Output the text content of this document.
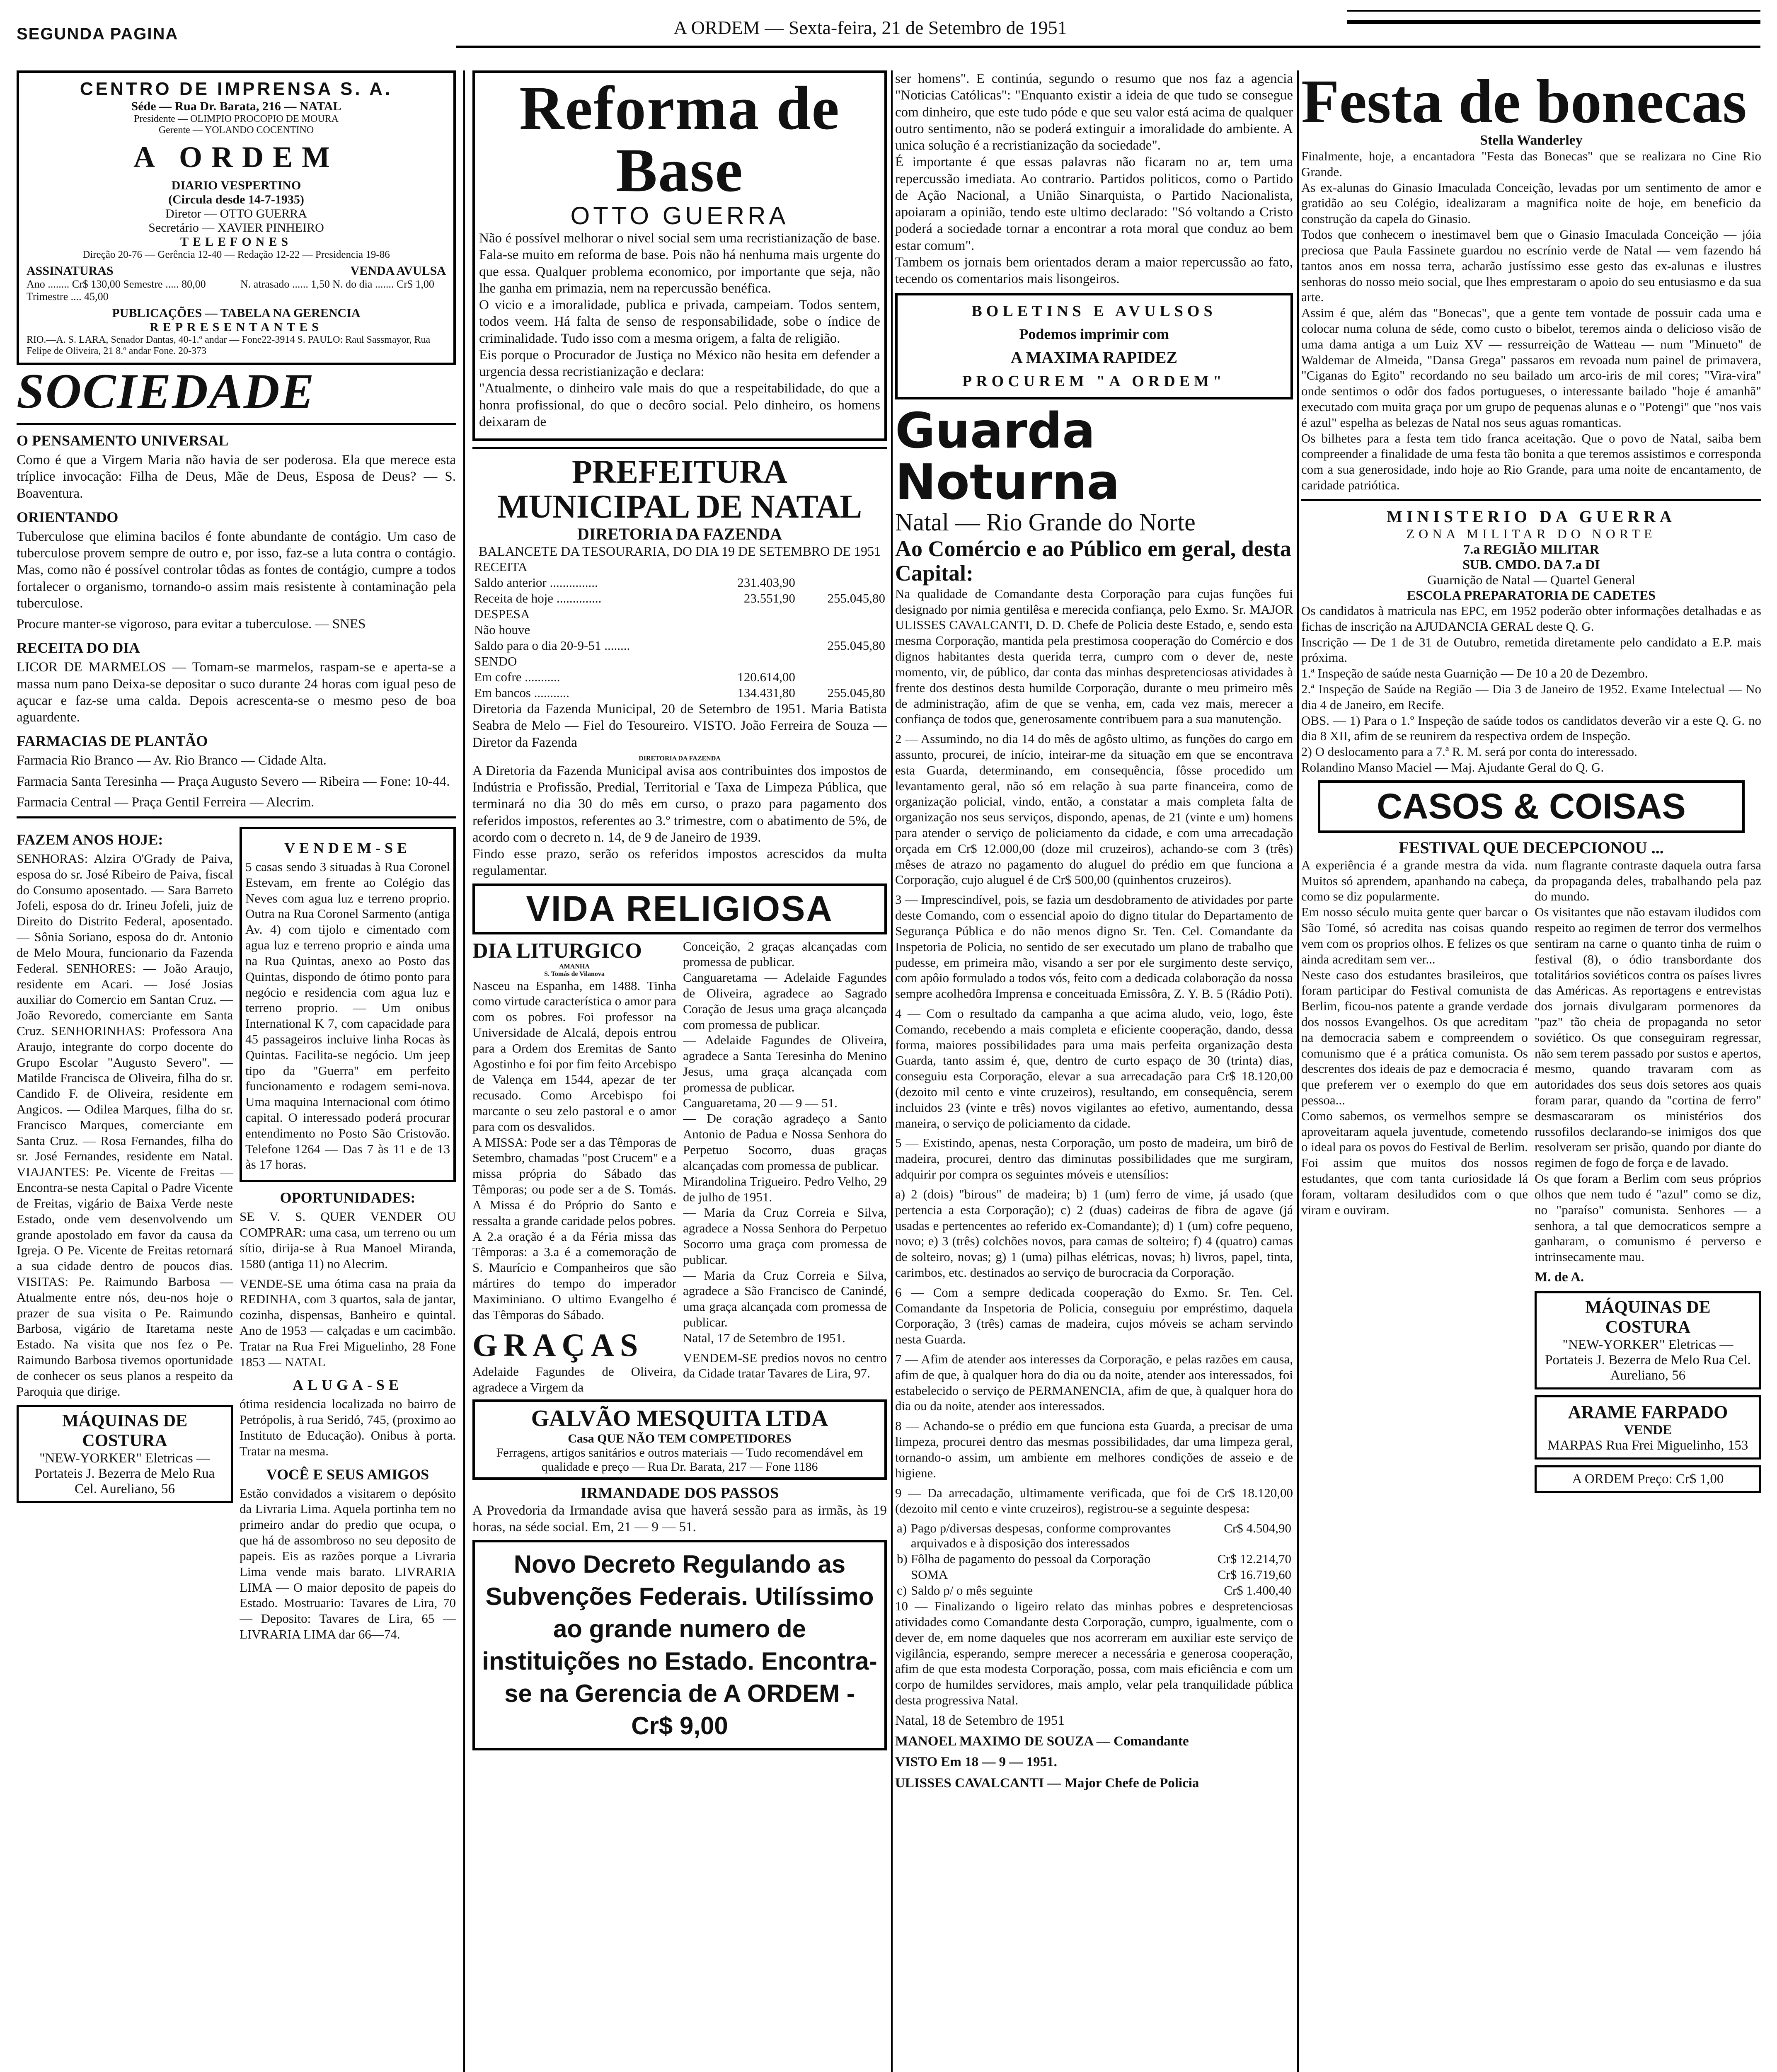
SEGUNDA PAGINA	A ORDEM — Sexta-feira, 21 de Setembro de 1951
CENTRO DE IMPRENSA S. A.
Séde — Rua Dr. Barata, 216 — NATAL
Presidente — OLIMPIO PROCOPIO DE MOURA
Gerente — YOLANDO COCENTINO
A ORDEM
DIARIO VESPERTINO
(Circula desde 14-7-1935)
Diretor — OTTO GUERRA
Secretário — XAVIER PINHEIRO
TELEFONES
Direção 20-76 — Gerência 12-40 — Redação 12-22 — Presidencia 19-86
ASSINATURAS	VENDA AVULSA
Ano ........ Cr$ 130,00 Semestre ..... 80,00 Trimestre .... 45,00
N. atrasado ...... 1,50 N. do dia ....... Cr$ 1,00
PUBLICAÇÕES — TABELA NA GERENCIA
REPRESENTANTES
RIO.—A. S. LARA, Senador Dantas, 40-1.º andar — Fone22-3914 S. PAULO: Raul Sassmayor, Rua Felipe de Oliveira, 21 8.º andar Fone. 20-373
SOCIEDADE
O PENSAMENTO UNIVERSAL

Como é que a Virgem Maria não havia de ser poderosa. Ela que merece esta tríplice invocação: Filha de Deus, Mãe de Deus, Esposa de Deus? — S. Boaventura.

ORIENTANDO

Tuberculose que elimina bacilos é fonte abundante de contágio. Um caso de tuberculose provem sempre de outro e, por isso, faz-se a luta contra o contágio. Mas, como não é possível controlar tôdas as fontes de contágio, cumpre a todos fortalecer o organismo, tornando-o assim mais resistente à contaminação pela tuberculose.

Procure manter-se vigoroso, para evitar a tuberculose. — SNES

RECEITA DO DIA

LICOR DE MARMELOS — Tomam-se marmelos, raspam-se e aperta-se a massa num pano Deixa-se depositar o suco durante 24 horas com igual peso de açucar e faz-se uma calda. Depois acrescenta-se o mesmo peso de boa aguardente.

FARMACIAS DE PLANTÃO

Farmacia Rio Branco — Av. Rio Branco — Cidade Alta.

Farmacia Santa Teresinha — Praça Augusto Severo — Ribeira — Fone: 10-44.

Farmacia Central — Praça Gentil Ferreira — Alecrim.

FAZEM ANOS HOJE:

SENHORAS: Alzira O'Grady de Paiva, esposa do sr. José Ribeiro de Paiva, fiscal do Consumo aposentado. — Sara Barreto Jofeli, esposa do dr. Irineu Jofeli, juiz de Direito do Distrito Federal, aposentado. — Sônia Soriano, esposa do dr. Antonio de Melo Moura, funcionario da Fazenda Federal. SENHORES: — João Araujo, residente em Acari. — José Josias auxiliar do Comercio em Santan Cruz. — João Revoredo, comerciante em Santa Cruz. SENHORINHAS: Professora Ana Araujo, integrante do corpo docente do Grupo Escolar "Augusto Severo". — Matilde Francisca de Oliveira, filha do sr. Candido F. de Oliveira, residente em Angicos. — Odilea Marques, filha do sr. Francisco Marques, comerciante em Santa Cruz. — Rosa Fernandes, filha do sr. José Fernandes, residente em Natal. VIAJANTES: Pe. Vicente de Freitas — Encontra-se nesta Capital o Padre Vicente de Freitas, vigário de Baixa Verde neste Estado, onde vem desenvolvendo um grande apostolado em favor da causa da Igreja. O Pe. Vicente de Freitas retornará a sua cidade dentro de poucos dias. VISITAS: Pe. Raimundo Barbosa — Atualmente entre nós, deu-nos hoje o prazer de sua visita o Pe. Raimundo Barbosa, vigário de Itaretama neste Estado. Na visita que nos fez o Pe. Raimundo Barbosa tivemos oportunidade de conhecer os seus planos a respeito da Paroquia que dirige.

MÁQUINAS DE COSTURA
"NEW-YORKER" Eletricas — Portateis J. Bezerra de Melo Rua Cel. Aureliano, 56
VENDEM-SE

5 casas sendo 3 situadas à Rua Coronel Estevam, em frente ao Colégio das Neves com agua luz e terreno proprio. Outra na Rua Coronel Sarmento (antiga Av. 4) com tijolo e cimentado com agua luz e terreno proprio e ainda uma na Rua Quintas, anexo ao Posto das Quintas, dispondo de ótimo ponto para negócio e residencia com agua luz e terreno proprio. — Um onibus International K 7, com capacidade para 45 passageiros incluive linha Rocas às Quintas. Facilita-se negócio. Um jeep tipo da "Guerra" em perfeito funcionamento e rodagem semi-nova. Uma maquina Internacional com ótimo capital. O interessado poderá procurar entendimento no Posto São Cristovão. Telefone 1264 — Das 7 às 11 e de 13 às 17 horas.

OPORTUNIDADES:

SE V. S. QUER VENDER OU COMPRAR: uma casa, um terreno ou um sítio, dirija-se à Rua Manoel Miranda, 1580 (antiga 11) no Alecrim.

VENDE-SE uma ótima casa na praia da REDINHA, com 3 quartos, sala de jantar, cozinha, dispensas, Banheiro e quintal. Ano de 1953 — calçadas e um cacimbão. Tratar na Rua Frei Miguelinho, 28 Fone 1853 — NATAL

ALUGA-SE

ótima residencia localizada no bairro de Petrópolis, à rua Seridó, 745, (proximo ao Instituto de Educação). Onibus à porta. Tratar na mesma.

VOCÊ E SEUS AMIGOS

Estão convidados a visitarem o depósito da Livraria Lima. Aquela portinha tem no primeiro andar do predio que ocupa, o que há de assombroso no seu deposito de papeis. Eis as razões porque a Livraria Lima vende mais barato. LIVRARIA LIMA — O maior deposito de papeis do Estado. Mostruario: Tavares de Lira, 70 — Deposito: Tavares de Lira, 65 — LIVRARIA LIMA dar 66—74.

Reforma de Base
OTTO GUERRA

Não é possível melhorar o nivel social sem uma recristianização de base. Fala-se muito em reforma de base. Pois não há nenhuma mais urgente do que essa. Qualquer problema economico, por importante que seja, não lhe ganha em primazia, nem na repercussão benéfica.
O vicio e a imoralidade, publica e privada, campeiam. Todos sentem, todos veem. Há falta de senso de responsabilidade, sobe o índice de criminalidade. Tudo isso com a mesma origem, a falta de religião.
Eis porque o Procurador de Justiça no México não hesita em defender a urgencia dessa recristianização e declara:
"Atualmente, o dinheiro vale mais do que a respeitabilidade, do que a honra profissional, do que o decôro social. Pelo dinheiro, os homens deixaram de

PREFEITURA MUNICIPAL DE NATAL
DIRETORIA DA FAZENDA
BALANCETE DA TESOURARIA, DO DIA 19 DE SETEMBRO DE 1951
RECEITA		
Saldo anterior ...............	231.403,90	
Receita de hoje ..............	23.551,90	255.045,80
DESPESA		
Não houve		
Saldo para o dia 20-9-51 ........		255.045,80
SENDO		
Em cofre ...........	120.614,00	
Em bancos ...........	134.431,80	255.045,80

Diretoria da Fazenda Municipal, 20 de Setembro de 1951. Maria Batista Seabra de Melo — Fiel do Tesoureiro. VISTO. João Ferreira de Souza — Diretor da Fazenda

DIRETORIA DA FAZENDA

A Diretoria da Fazenda Municipal avisa aos contribuintes dos impostos de Indústria e Profissão, Predial, Territorial e Taxa de Limpeza Pública, que terminará no dia 30 do mês em curso, o prazo para pagamento dos referidos impostos, referentes ao 3.º trimestre, com o abatimento de 5%, de acordo com o decreto n. 14, de 9 de Janeiro de 1939.
Findo esse prazo, serão os referidos impostos acrescidos da multa regulamentar.

VIDA RELIGIOSA
DIA LITURGICO
AMANHA
S. Tomás de Vilanova

Nasceu na Espanha, em 1488. Tinha como virtude característica o amor para com os pobres. Foi professor na Universidade de Alcalá, depois entrou para a Ordem dos Eremitas de Santo Agostinho e foi por fim feito Arcebispo de Valença em 1544, apezar de ter recusado. Como Arcebispo foi marcante o seu zelo pastoral e o amor para com os desvalidos.
A MISSA: Pode ser a das Têmporas de Setembro, chamadas "post Crucem" e a missa própria do Sábado das Têmporas; ou pode ser a de S. Tomás. A Missa é do Próprio do Santo e ressalta a grande caridade pelos pobres.
A 2.a oração é a da Féria missa das Têmporas: a 3.a é a comemoração de S. Maurício e Companheiros que são mártires do tempo do imperador Maximiniano. O ultimo Evangelho é das Têmporas do Sábado.

GRAÇAS

Adelaide Fagundes de Oliveira, agradece a Virgem da

Conceição, 2 graças alcançadas com promessa de publicar.
Canguaretama — Adelaide Fagundes de Oliveira, agradece ao Sagrado Coração de Jesus uma graça alcançada com promessa de publicar.
— Adelaide Fagundes de Oliveira, agradece a Santa Teresinha do Menino Jesus, uma graça alcançada com promessa de publicar.
Canguaretama, 20 — 9 — 51.
— De coração agradeço a Santo Antonio de Padua e Nossa Senhora do Perpetuo Socorro, duas graças alcançadas com promessa de publicar.
Mirandolina Trigueiro. Pedro Velho, 29 de julho de 1951.
— Maria da Cruz Correia e Silva, agradece a Nossa Senhora do Perpetuo Socorro uma graça com promessa de publicar.
— Maria da Cruz Correia e Silva, agradece a São Francisco de Canindé, uma graça alcançada com promessa de publicar.
Natal, 17 de Setembro de 1951.

VENDEM-SE predios novos no centro da Cidade tratar Tavares de Lira, 97.

GALVÃO MESQUITA LTDA
Casa QUE NÃO TEM COMPETIDORES
Ferragens, artigos sanitários e outros materiais — Tudo recomendável em qualidade e preço — Rua Dr. Barata, 217 — Fone 1186
IRMANDADE DOS PASSOS

A Provedoria da Irmandade avisa que haverá sessão para as irmãs, às 19 horas, na séde social. Em, 21 — 9 — 51.

Novo Decreto Regulando as Subvenções Federais. Utilíssimo ao grande numero de instituições no Estado. Encontra-se na Gerencia de A ORDEM - Cr$ 9,00

ser homens". E continúa, segundo o resumo que nos faz a agencia "Noticias Católicas": "Enquanto existir a ideia de que tudo se consegue com dinheiro, que este tudo póde e que seu valor está acima de qualquer outro sentimento, não se poderá extinguir a imoralidade do ambiente. A unica solução é a recristianização da sociedade".
É importante é que essas palavras não ficaram no ar, tem uma repercussão imediata. Ao contrario. Partidos politicos, como o Partido de Ação Nacional, a União Sinarquista, o Partido Nacionalista, apoiaram a opinião, tendo este ultimo declarado: "Só voltando a Cristo poderá a sociedade tornar a encontrar a rota moral que conduz ao bem estar comum".
Tambem os jornais bem orientados deram a maior repercussão ao fato, tecendo os comentarios mais lisongeiros.

BOLETINS E AVULSOS
Podemos imprimir com
A MAXIMA RAPIDEZ
PROCUREM "A ORDEM"
Guarda Noturna
Natal — Rio Grande do Norte
Ao Comércio e ao Público em geral, desta Capital:

Na qualidade de Comandante desta Corporação para cujas funções fui designado por nimia gentilêsa e merecida confiança, pelo Exmo. Sr. MAJOR ULISSES CAVALCANTI, D. D. Chefe de Policia deste Estado, e, sendo esta mesma Corporação, mantida pela prestimosa cooperação do Comércio e dos dignos habitantes desta querida terra, cumpro com o dever de, neste momento, vir, de público, dar conta das minhas despretenciosas atividades à frente dos destinos desta humilde Corporação, durante o meu primeiro mês de administração, afim de que se venha, em, cada vez mais, merecer a confiança de todos que, generosamente contribuem para a sua manutenção.

2 — Assumindo, no dia 14 do mês de agôsto ultimo, as funções do cargo em assunto, procurei, de início, inteirar-me da situação em que se encontrava esta Guarda, determinando, em consequência, fôsse procedido um levantamento geral, não só em relação à sua parte financeira, como de organização policial, vindo, então, a constatar a mais completa falta de organização nos seus serviços, dispondo, apenas, de 21 (vinte e um) homens para atender o serviço de policiamento da cidade, e com uma arrecadação orçada em Cr$ 12.000,00 (doze mil cruzeiros), achando-se com 3 (três) mêses de atrazo no pagamento do aluguel do prédio em que funciona a Corporação, cujo aluguel é de Cr$ 500,00 (quinhentos cruzeiros).

3 — Imprescindível, pois, se fazia um desdobramento de atividades por parte deste Comando, com o essencial apoio do digno titular do Departamento de Segurança Pública e do não menos digno Sr. Ten. Cel. Comandante da Inspetoria de Policia, no sentido de ser executado um plano de trabalho que pudesse, em primeira mão, visando a ser por ele surgimento deste serviço, com apôio formulado a todos vós, feito com a dedicada colaboração da nossa sempre acolhedôra Imprensa e conceituada Emissôra, Z. Y. B. 5 (Rádio Poti).

4 — Com o resultado da campanha a que acima aludo, veio, logo, êste Comando, recebendo a mais completa e eficiente cooperação, dando, dessa forma, maiores possibilidades para uma mais perfeita organização desta Guarda, tanto assim é, que, dentro de curto espaço de 30 (trinta) dias, conseguiu esta Corporação, elevar a sua arrecadação para Cr$ 18.120,00 (dezoito mil cento e vinte cruzeiros), resultando, em consequência, serem incluidos 23 (vinte e três) novos vigilantes ao efetivo, aumentando, dessa maneira, o serviço de policiamento da cidade.

5 — Existindo, apenas, nesta Corporação, um posto de madeira, um birô de madeira, procurei, dentro das diminutas possibilidades que me surgiram, adquirir por compra os seguintes móveis e utensílios:

a) 2 (dois) "birous" de madeira; b) 1 (um) ferro de vime, já usado (que pertencia a esta Corporação); c) 2 (duas) cadeiras de fibra de agave (já usadas e pertencentes ao referido ex-Comandante); d) 1 (um) cofre pequeno, novo; e) 3 (três) colchões novos, para camas de solteiro; f) 4 (quatro) camas de solteiro, novas; g) 1 (uma) pilhas elétricas, novas; h) livros, papel, tinta, carimbos, etc. destinados ao serviço de burocracia da Corporação.

6 — Com a sempre dedicada cooperação do Exmo. Sr. Ten. Cel. Comandante da Inspetoria de Policia, conseguiu por empréstimo, daquela Corporação, 3 (três) camas de madeira, cujos móveis se acham servindo nesta Guarda.

7 — Afim de atender aos interesses da Corporação, e pelas razões em causa, afim de que, à qualquer hora do dia ou da noite, atender aos interessados, foi estabelecido o serviço de PERMANENCIA, afim de que, à qualquer hora do dia ou da noite, atender aos interessados.

8 — Achando-se o prédio em que funciona esta Guarda, a precisar de uma limpeza, procurei dentro das mesmas possibilidades, dar uma limpeza geral, tornando-o assim, um ambiente em melhores condições de asseio e de higiene.

9 — Da arrecadação, ultimamente verificada, que foi de Cr$ 18.120,00 (dezoito mil cento e vinte cruzeiros), registrou-se a seguinte despesa:

a)	Pago p/diversas despesas, conforme comprovantes arquivados e à disposição dos interessados	Cr$ 4.504,90
b)	Fôlha de pagamento do pessoal da Corporação	Cr$ 12.214,70
	SOMA	Cr$ 16.719,60
c)	Saldo p/ o mês seguinte	Cr$ 1.400,40

10 — Finalizando o ligeiro relato das minhas pobres e despretenciosas atividades como Comandante desta Corporação, cumpro, igualmente, com o dever de, em nome daqueles que nos acorreram em auxiliar este serviço de vigilância, esperando, sempre merecer a necessária e generosa cooperação, afim de que esta modesta Corporação, possa, com mais eficiência e com um corpo de humildes servidores, mais amplo, velar pela tranquilidade pública desta progressiva Natal.

Natal, 18 de Setembro de 1951

MANOEL MAXIMO DE SOUZA — Comandante

VISTO Em 18 — 9 — 1951.

ULISSES CAVALCANTI — Major Chefe de Policia

Festa de bonecas
Stella Wanderley

Finalmente, hoje, a encantadora "Festa das Bonecas" que se realizara no Cine Rio Grande.
As ex-alunas do Ginasio Imaculada Conceição, levadas por um sentimento de amor e gratidão ao seu Colégio, idealizaram a magnifica noite de hoje, em beneficio da construção da capela do Ginasio.
Todos que conhecem o inestimavel bem que o Ginasio Imaculada Conceição — jóia preciosa que Paula Fassinete guardou no escrínio verde de Natal — vem fazendo há tantos anos em nossa terra, acharão justíssimo esse gesto das ex-alunas e ilustres senhoras do nosso meio social, que lhes emprestaram o apoio do seu entusiasmo e da sua arte.
Assim é que, além das "Bonecas", que a gente tem vontade de possuir cada uma e colocar numa coluna de séde, como custo o bibelot, teremos ainda o delicioso visão de uma dama antiga a um Luiz XV — ressurreição de Watteau — num "Minueto" de Waldemar de Almeida, "Dansa Grega" passaros em revoada num painel de primavera, "Ciganas do Egito" recordando no seu bailado um arco-iris de mil cores; "Vira-vira" onde sentimos o odôr dos fados portugueses, o interessante bailado "hoje é amanhã" executado com muita graça por um grupo de pequenas alunas e o "Potengi" que "nos vais é azul" espelha as belezas de Natal nos seus aguas romanticas.
Os bilhetes para a festa tem tido franca aceitação. Que o povo de Natal, saiba bem compreender a finalidade de uma festa tão bonita a que teremos assistimos e corresponda com a sua generosidade, indo hoje ao Rio Grande, para uma noite de encantamento, de caridade patriótica.

MINISTERIO DA GUERRA
ZONA MILITAR DO NORTE
7.a REGIÃO MILITAR
SUB. CMDO. DA 7.a DI
Guarnição de Natal — Quartel General
ESCOLA PREPARATORIA DE CADETES

Os candidatos à matricula nas EPC, em 1952 poderão obter informações detalhadas e as fichas de inscrição na AJUDANCIA GERAL deste Q. G.
Inscrição — De 1 de 31 de Outubro, remetida diretamente pelo candidato a E.P. mais próxima.
1.ª Inspeção de saúde nesta Guarnição — De 10 a 20 de Dezembro.
2.ª Inspeção de Saúde na Região — Dia 3 de Janeiro de 1952. Exame Intelectual — No dia 4 de Janeiro, em Recife.
OBS. — 1) Para o 1.º Inspeção de saúde todos os candidatos deverão vir a este Q. G. no dia 8 XII, afim de se reunirem da respectiva ordem de Inspeção.
2) O deslocamento para a 7.ª R. M. será por conta do interessado.
Rolandino Manso Maciel — Maj. Ajudante Geral do Q. G.

CASOS & COISAS
FESTIVAL QUE DECEPCIONOU ...

A experiência é a grande mestra da vida. Muitos só aprendem, apanhando na cabeça, como se diz popularmente.
Em nosso século muita gente quer barcar o São Tomé, só acredita nas coisas quando vem com os proprios olhos. E felizes os que ainda acreditam sem ver...
Neste caso dos estudantes brasileiros, que foram participar do Festival comunista de Berlim, ficou-nos patente a grande verdade dos nossos Evangelhos. Os que acreditam na democracia sabem e compreendem o comunismo que é a prática comunista. Os descrentes dos ideais de paz e democracia é que preferem ver o exemplo do que em pessoa...
Como sabemos, os vermelhos sempre se aproveitaram aquela juventude, cometendo o ideal para os povos do Festival de Berlim. Foi assim que muitos dos nossos estudantes, que com tanta curiosidade lá foram, voltaram desiludidos com o que viram e ouviram.

num flagrante contraste daquela outra farsa da propaganda deles, trabalhando pela paz do mundo.
Os visitantes que não estavam iludidos com respeito ao regimen de terror dos vermelhos sentiram na carne o quanto tinha de ruim o festival (8), o ódio transbordante dos totalitários soviéticos contra os países livres das Américas. As reportagens e entrevistas dos jornais divulgaram pormenores da "paz" tão cheia de propaganda no setor soviético. Os que conseguiram regressar, não sem terem passado por sustos e apertos, mesmo, quando travaram com as autoridades dos seus dois setores aos quais foram parar, quando da "cortina de ferro" desmascararam os ministérios dos russofilos declarando-se inimigos dos que resolveram ser prisão, quando por diante do regimen de fogo de força e de lavado.
Os que foram a Berlim com seus próprios olhos que nem tudo é "azul" como se diz, no "paraíso" comunista. Senhores — a senhora, a tal que democraticos sempre a ganharam, o comunismo é perverso e intrinsecamente mau.

M. de A.

MÁQUINAS DE COSTURA
"NEW-YORKER" Eletricas — Portateis J. Bezerra de Melo Rua Cel. Aureliano, 56
ARAME FARPADO
VENDE
MARPAS Rua Frei Miguelinho, 153
A ORDEM Preço: Cr$ 1,00
